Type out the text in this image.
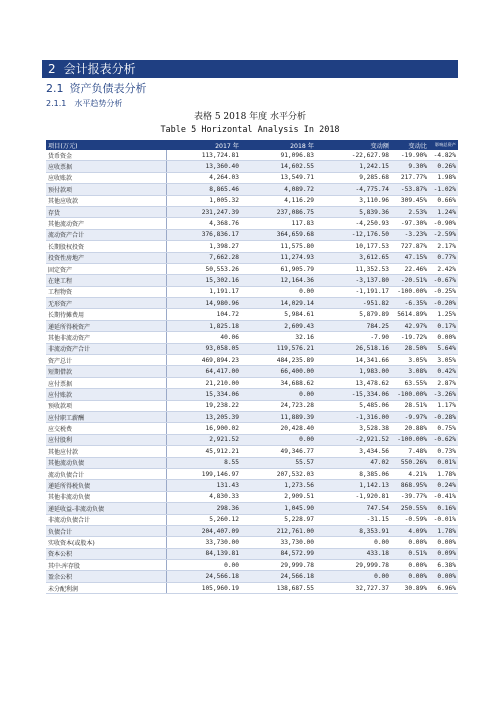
2 会计报表分析
2.1 资产负债表分析
2.1.1 水平趋势分析
表格 5 2018 年度 水平分析
Table 5 Horizontal Analysis In 2018
项目(万元)	2017 年	2018 年	变动额	变动比	影响总资产
货币资金	113,724.81	91,096.83	-22,627.98	-19.90%	-4.82%
应收票据	13,360.40	14,602.55	1,242.15	9.30%	0.26%
应收账款	4,264.03	13,549.71	9,285.68	217.77%	1.98%
预付款项	8,865.46	4,089.72	-4,775.74	-53.87%	-1.02%
其他应收款	1,005.32	4,116.29	3,110.96	309.45%	0.66%
存货	231,247.39	237,086.75	5,839.36	2.53%	1.24%
其他流动资产	4,368.76	117.83	-4,250.93	-97.30%	-0.90%
流动资产合计	376,836.17	364,659.68	-12,176.50	-3.23%	-2.59%
长期股权投资	1,398.27	11,575.80	10,177.53	727.87%	2.17%
投资性房地产	7,662.28	11,274.93	3,612.65	47.15%	0.77%
固定资产	50,553.26	61,905.79	11,352.53	22.46%	2.42%
在建工程	15,302.16	12,164.36	-3,137.80	-20.51%	-0.67%
工程物资	1,191.17	0.00	-1,191.17	-100.00%	-0.25%
无形资产	14,980.96	14,029.14	-951.82	-6.35%	-0.20%
长期待摊费用	104.72	5,984.61	5,879.89	5614.89%	1.25%
递延所得税资产	1,825.18	2,609.43	784.25	42.97%	0.17%
其他非流动资产	40.06	32.16	-7.90	-19.72%	0.00%
非流动资产合计	93,058.05	119,576.21	26,518.16	28.50%	5.64%
资产总计	469,894.23	484,235.89	14,341.66	3.05%	3.05%
短期借款	64,417.00	66,400.00	1,983.00	3.08%	0.42%
应付票据	21,210.00	34,688.62	13,478.62	63.55%	2.87%
应付账款	15,334.06	0.00	-15,334.06	-100.00%	-3.26%
预收款项	19,238.22	24,723.28	5,485.06	28.51%	1.17%
应付职工薪酬	13,205.39	11,889.39	-1,316.00	-9.97%	-0.28%
应交税费	16,900.02	20,428.40	3,528.38	20.88%	0.75%
应付股利	2,921.52	0.00	-2,921.52	-100.00%	-0.62%
其他应付款	45,912.21	49,346.77	3,434.56	7.48%	0.73%
其他流动负债	8.55	55.57	47.02	550.26%	0.01%
流动负债合计	199,146.97	207,532.03	8,385.06	4.21%	1.78%
递延所得税负债	131.43	1,273.56	1,142.13	868.95%	0.24%
其他非流动负债	4,830.33	2,909.51	-1,920.81	-39.77%	-0.41%
递延收益-非流动负债	298.36	1,045.90	747.54	250.55%	0.16%
非流动负债合计	5,260.12	5,228.97	-31.15	-0.59%	-0.01%
负债合计	204,407.09	212,761.00	8,353.91	4.09%	1.78%
实收资本(或股本)	33,730.00	33,730.00	0.00	0.00%	0.00%
资本公积	84,139.81	84,572.99	433.18	0.51%	0.09%
其中:库存股	0.00	29,999.78	29,999.78	0.00%	6.38%
盈余公积	24,566.18	24,566.18	0.00	0.00%	0.00%
未分配利润	105,960.19	138,687.55	32,727.37	30.89%	6.96%
